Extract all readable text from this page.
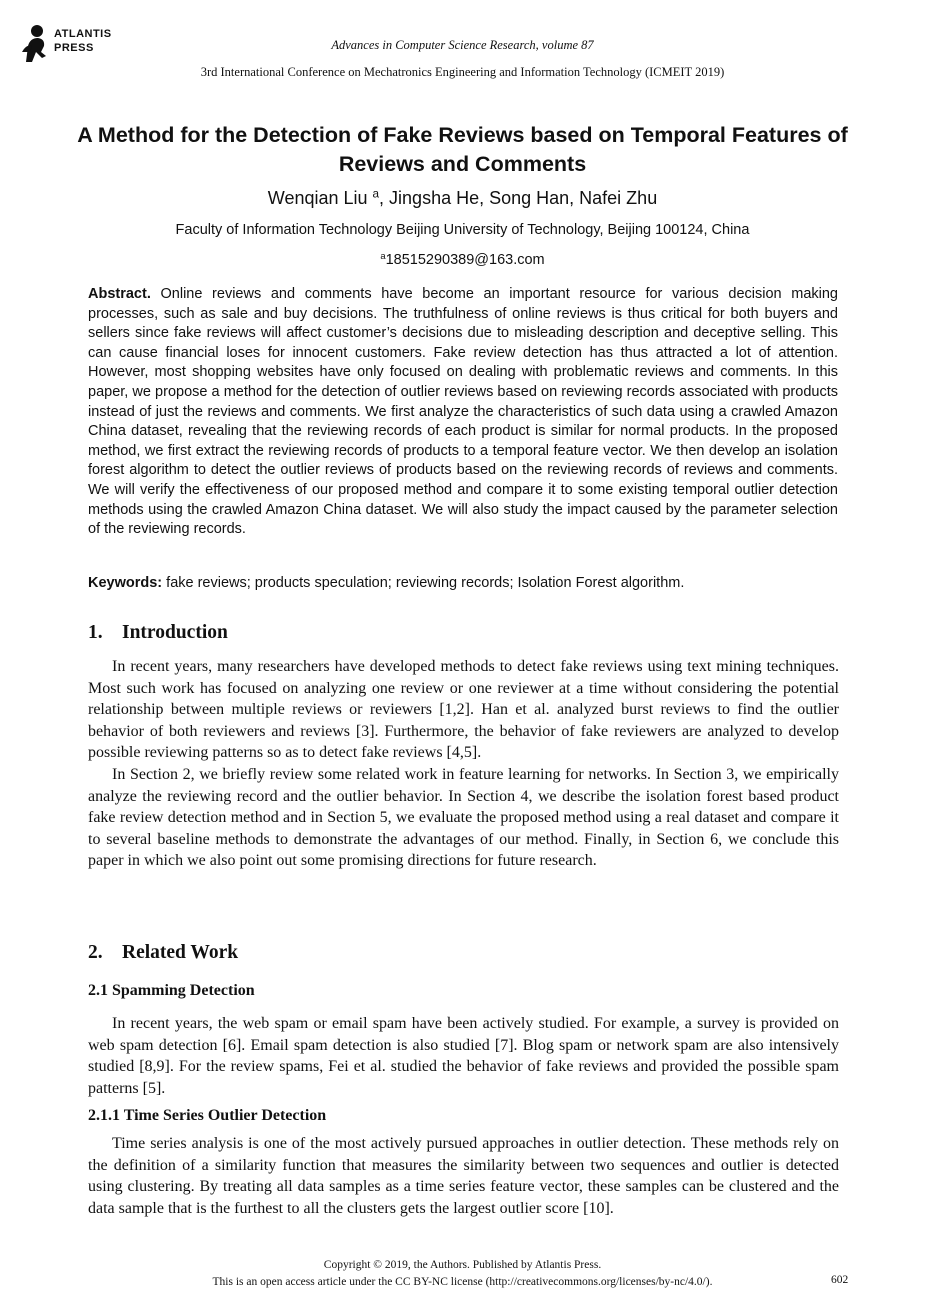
ATLANTIS
PRESS	Advances in Computer Science Research, volume 87
3rd International Conference on Mechatronics Engineering and Information Technology (ICMEIT 2019)
A Method for the Detection of Fake Reviews based on Temporal Features of Reviews and Comments
Wenqian Liu $^a$, Jingsha He, Song Han, Nafei Zhu
Faculty of Information Technology Beijing University of Technology, Beijing 100124, China
$^a$18515290389@163.com

Abstract. Online reviews and comments have become an important resource for various decision making processes, such as sale and buy decisions. The truthfulness of online reviews is thus critical for both buyers and sellers since fake reviews will affect customer’s decisions due to misleading description and deceptive selling. This can cause financial loses for innocent customers. Fake review detection has thus attracted a lot of attention. However, most shopping websites have only focused on dealing with problematic reviews and comments. In this paper, we propose a method for the detection of outlier reviews based on reviewing records associated with products instead of just the reviews and comments. We first analyze the characteristics of such data using a crawled Amazon China dataset, revealing that the reviewing records of each product is similar for normal products. In the proposed method, we first extract the reviewing records of products to a temporal feature vector. We then develop an isolation forest algorithm to detect the outlier reviews of products based on the reviewing records of reviews and comments. We will verify the effectiveness of our proposed method and compare it to some existing temporal outlier detection methods using the crawled Amazon China dataset. We will also study the impact caused by the parameter selection of the reviewing records.

Keywords: fake reviews; products speculation; reviewing records; Isolation Forest algorithm.

1. Introduction

In recent years, many researchers have developed methods to detect fake reviews using text mining techniques. Most such work has focused on analyzing one review or one reviewer at a time without considering the potential relationship between multiple reviews or reviewers [1,2]. Han et al. analyzed burst reviews to find the outlier behavior of both reviewers and reviews [3]. Furthermore, the behavior of fake reviewers are analyzed to develop possible reviewing patterns so as to detect fake reviews [4,5].

In Section 2, we briefly review some related work in feature learning for networks. In Section 3, we empirically analyze the reviewing record and the outlier behavior. In Section 4, we describe the isolation forest based product fake review detection method and in Section 5, we evaluate the proposed method using a real dataset and compare it to several baseline methods to demonstrate the advantages of our method. Finally, in Section 6, we conclude this paper in which we also point out some promising directions for future research.

2. Related Work
2.1 Spamming Detection

In recent years, the web spam or email spam have been actively studied. For example, a survey is provided on web spam detection [6]. Email spam detection is also studied [7]. Blog spam or network spam are also intensively studied [8,9]. For the review spams, Fei et al. studied the behavior of fake reviews and provided the possible spam patterns [5].

2.1.1 Time Series Outlier Detection

Time series analysis is one of the most actively pursued approaches in outlier detection. These methods rely on the definition of a similarity function that measures the similarity between two sequences and outlier is detected using clustering. By treating all data samples as a time series feature vector, these samples can be clustered and the data sample that is the furthest to all the clusters gets the largest outlier score [10].

Copyright © 2019, the Authors. Published by Atlantis Press.
This is an open access article under the CC BY-NC license (http://creativecommons.org/licenses/by-nc/4.0/).	602
